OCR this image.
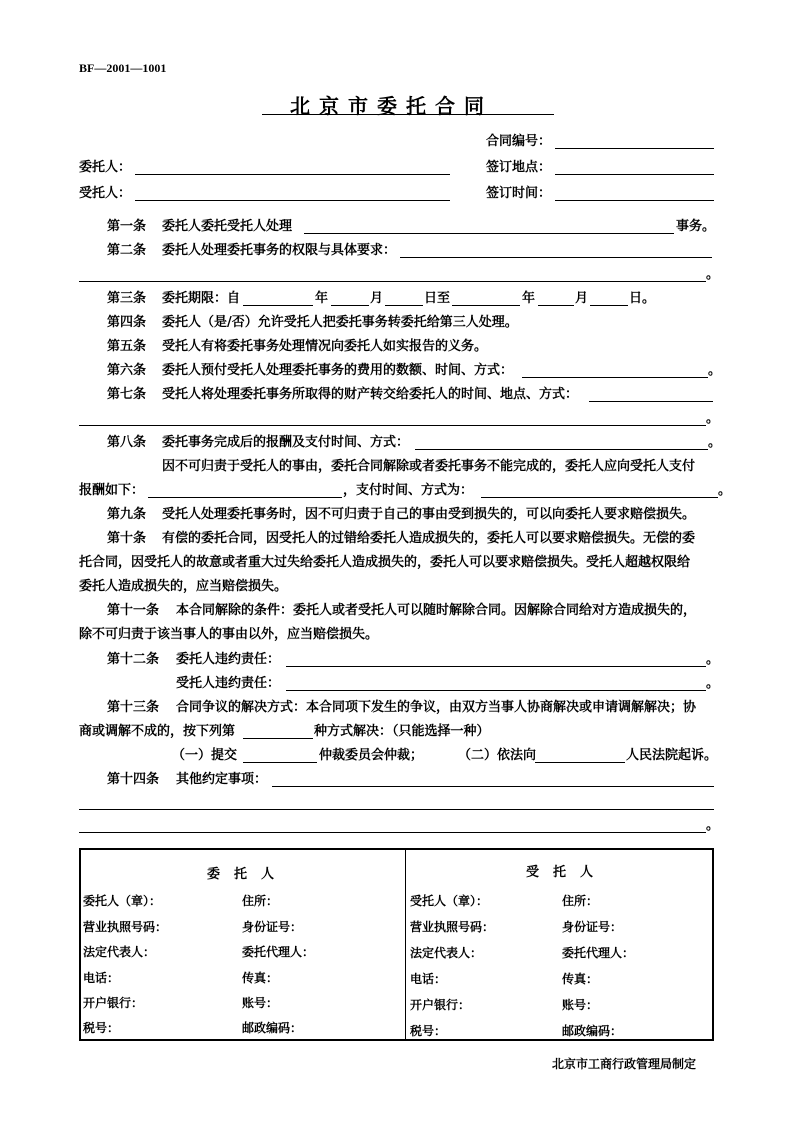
BF—2001—1001
北京市委托合同
合同编号：
委托人：	签订地点：
受托人：	签订时间：
第一条 委托人委托受托人处理	事务。
第二条 委托人处理委托事务的权限与具体要求：
。
第三条 委托期限：自	年	月	日至	年	月	日。
第四条 委托人（是/否）允许受托人把委托事务转委托给第三人处理。
第五条 受托人有将委托事务处理情况向委托人如实报告的义务。
第六条 委托人预付受托人处理委托事务的费用的数额、时间、方式：	。
第七条 受托人将处理委托事务所取得的财产转交给委托人的时间、地点、方式：
。
第八条 委托事务完成后的报酬及支付时间、方式：	。
因不可归责于受托人的事由，委托合同解除或者委托事务不能完成的，委托人应向受托人支付
报酬如下：	，支付时间、方式为：	。
第九条 受托人处理委托事务时，因不可归责于自己的事由受到损失的，可以向委托人要求赔偿损失。
第十条 有偿的委托合同，因受托人的过错给委托人造成损失的，委托人可以要求赔偿损失。无偿的委
托合同，因受托人的故意或者重大过失给委托人造成损失的，委托人可以要求赔偿损失。受托人超越权限给
委托人造成损失的，应当赔偿损失。
第十一条 本合同解除的条件：委托人或者受托人可以随时解除合同。因解除合同给对方造成损失的，
除不可归责于该当事人的事由以外，应当赔偿损失。
第十二条 委托人违约责任：	。
受托人违约责任：	。
第十三条 合同争议的解决方式：本合同项下发生的争议，由双方当事人协商解决或申请调解解决；协
商或调解不成的，按下列第	种方式解决：（只能选择一种）
（一）提交	仲裁委员会仲裁；	（二）依法向	人民法院起诉。
第十四条 其他约定事项：
。
委托人
委托人（章）：	住所：
营业执照号码：	身份证号：
法定代表人：	委托代理人：
电话：	传真：
开户银行：	账号：
税号：	邮政编码：
受托人
受托人（章）：	住所：
营业执照号码：	身份证号：
法定代表人：	委托代理人：
电话：	传真：
开户银行：	账号：
税号：	邮政编码：
北京市工商行政管理局制定
